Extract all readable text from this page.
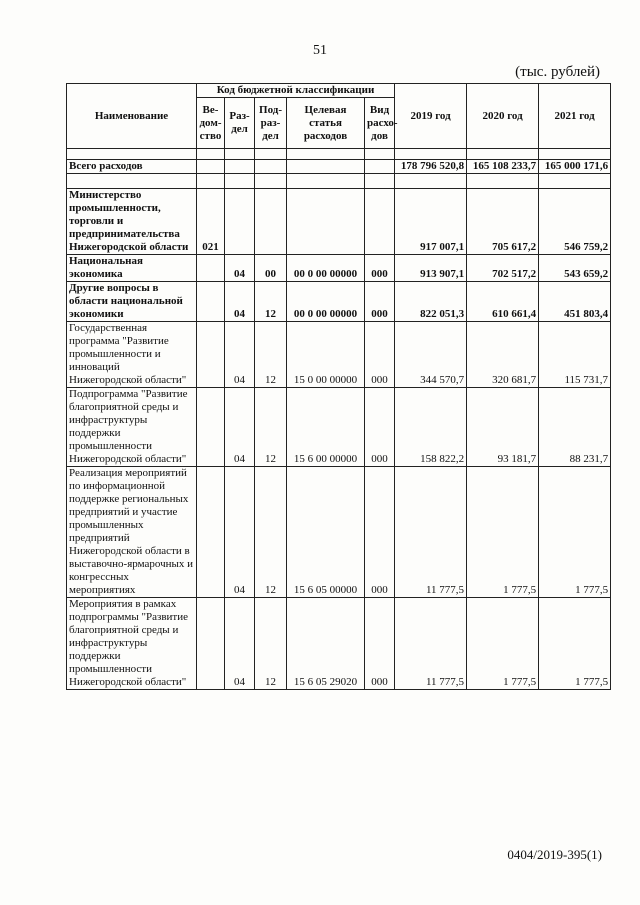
51
(тыс. рублей)
Наименование	Код бюджетной классификации					2019 год	2020 год	2021 год
	Ве-дом-ство	Раз-дел	Под-раз-дел	Целевая статья расходов	Вид расхо-дов			

Всего расходов						178 796 520,8	165 108 233,7	165 000 171,6

Министерство промышленности, торговли и предпринимательства Нижегородской области	021					917 007,1	705 617,2	546 759,2
Национальная экономика		04	00	00 0 00 00000	000	913 907,1	702 517,2	543 659,2
Другие вопросы в области национальной экономики		04	12	00 0 00 00000	000	822 051,3	610 661,4	451 803,4
Государственная программа "Развитие промышленности и инноваций Нижегородской области"		04	12	15 0 00 00000	000	344 570,7	320 681,7	115 731,7
Подпрограмма "Развитие благоприятной среды и инфраструктуры поддержки промышленности Нижегородской области"		04	12	15 6 00 00000	000	158 822,2	93 181,7	88 231,7
Реализация мероприятий по информационной поддержке региональных предприятий и участие промышленных предприятий Нижегородской области в выставочно-ярмарочных и конгрессных мероприятиях		04	12	15 6 05 00000	000	11 777,5	1 777,5	1 777,5
Мероприятия в рамках подпрограммы "Развитие благоприятной среды и инфраструктуры поддержки промышленности Нижегородской области"		04	12	15 6 05 29020	000	11 777,5	1 777,5	1 777,5
0404/2019-395(1)
